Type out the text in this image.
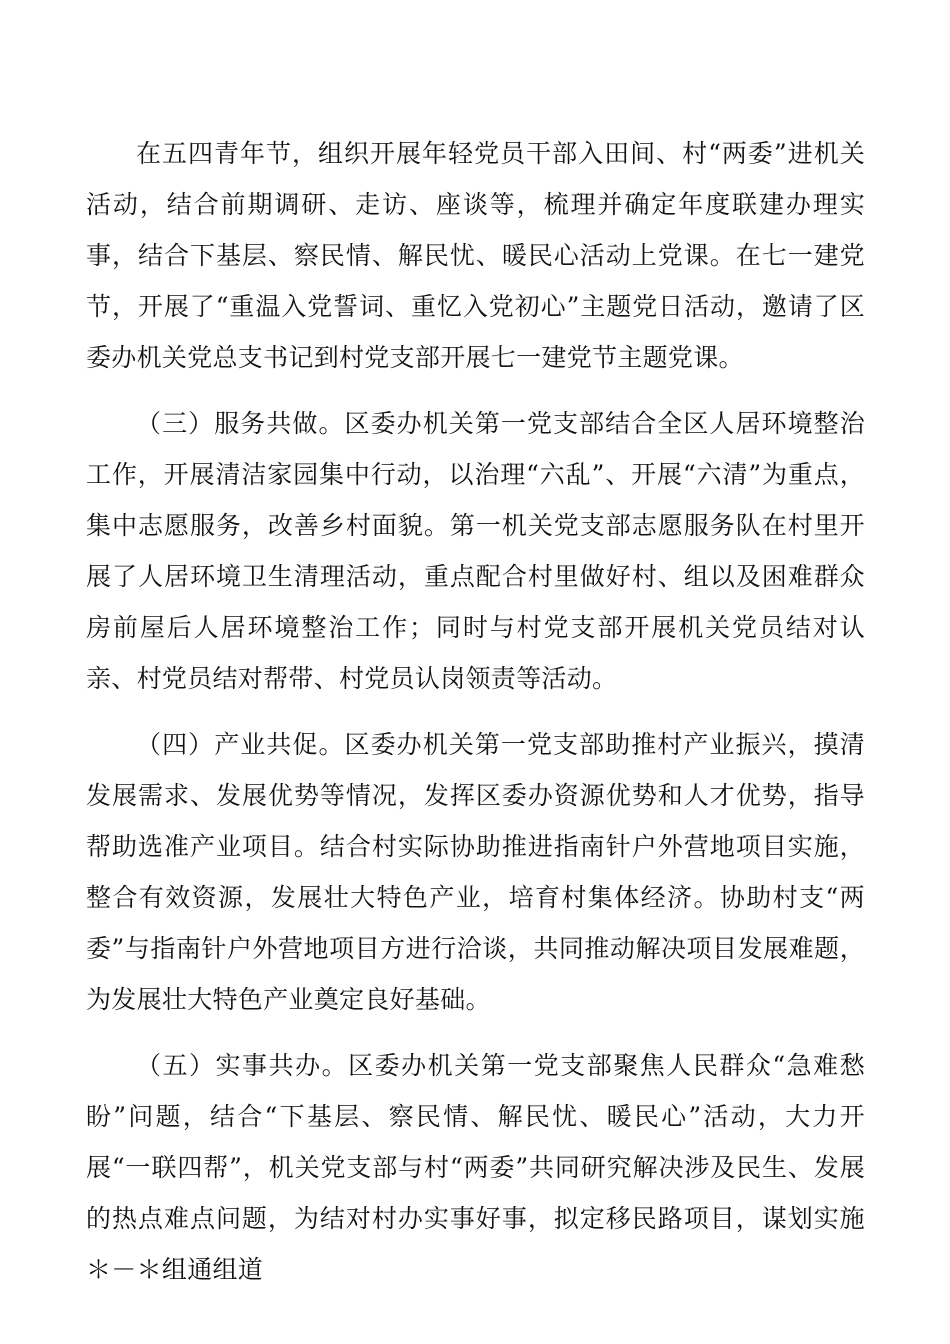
在五四青年节，组织开展年轻党员干部入田间、村“两委”进机关活动，结合前期调研、走访、座谈等，梳理并确定年度联建办理实事，结合下基层、察民情、解民忧、暖民心活动上党课。在七一建党节，开展了“重温入党誓词、重忆入党初心”主题党日活动，邀请了区委办机关党总支书记到村党支部开展七一建党节主题党课。

（三）服务共做。区委办机关第一党支部结合全区人居环境整治工作，开展清洁家园集中行动，以治理“六乱”、开展“六清”为重点，集中志愿服务，改善乡村面貌。第一机关党支部志愿服务队在村里开展了人居环境卫生清理活动，重点配合村里做好村、组以及困难群众房前屋后人居环境整治工作；同时与村党支部开展机关党员结对认亲、村党员结对帮带、村党员认岗领责等活动。

（四）产业共促。区委办机关第一党支部助推村产业振兴，摸清发展需求、发展优势等情况，发挥区委办资源优势和人才优势，指导帮助选准产业项目。结合村实际协助推进指南针户外营地项目实施，整合有效资源，发展壮大特色产业，培育村集体经济。协助村支“两委”与指南针户外营地项目方进行洽谈，共同推动解决项目发展难题，为发展壮大特色产业奠定良好基础。

（五）实事共办。区委办机关第一党支部聚焦人民群众“急难愁盼”问题，结合“下基层、察民情、解民忧、暖民心”活动，大力开展“一联四帮”，机关党支部与村“两委”共同研究解决涉及民生、发展的热点难点问题，为结对村办实事好事，拟定移民路项目，谋划实施＊－＊组通组道
